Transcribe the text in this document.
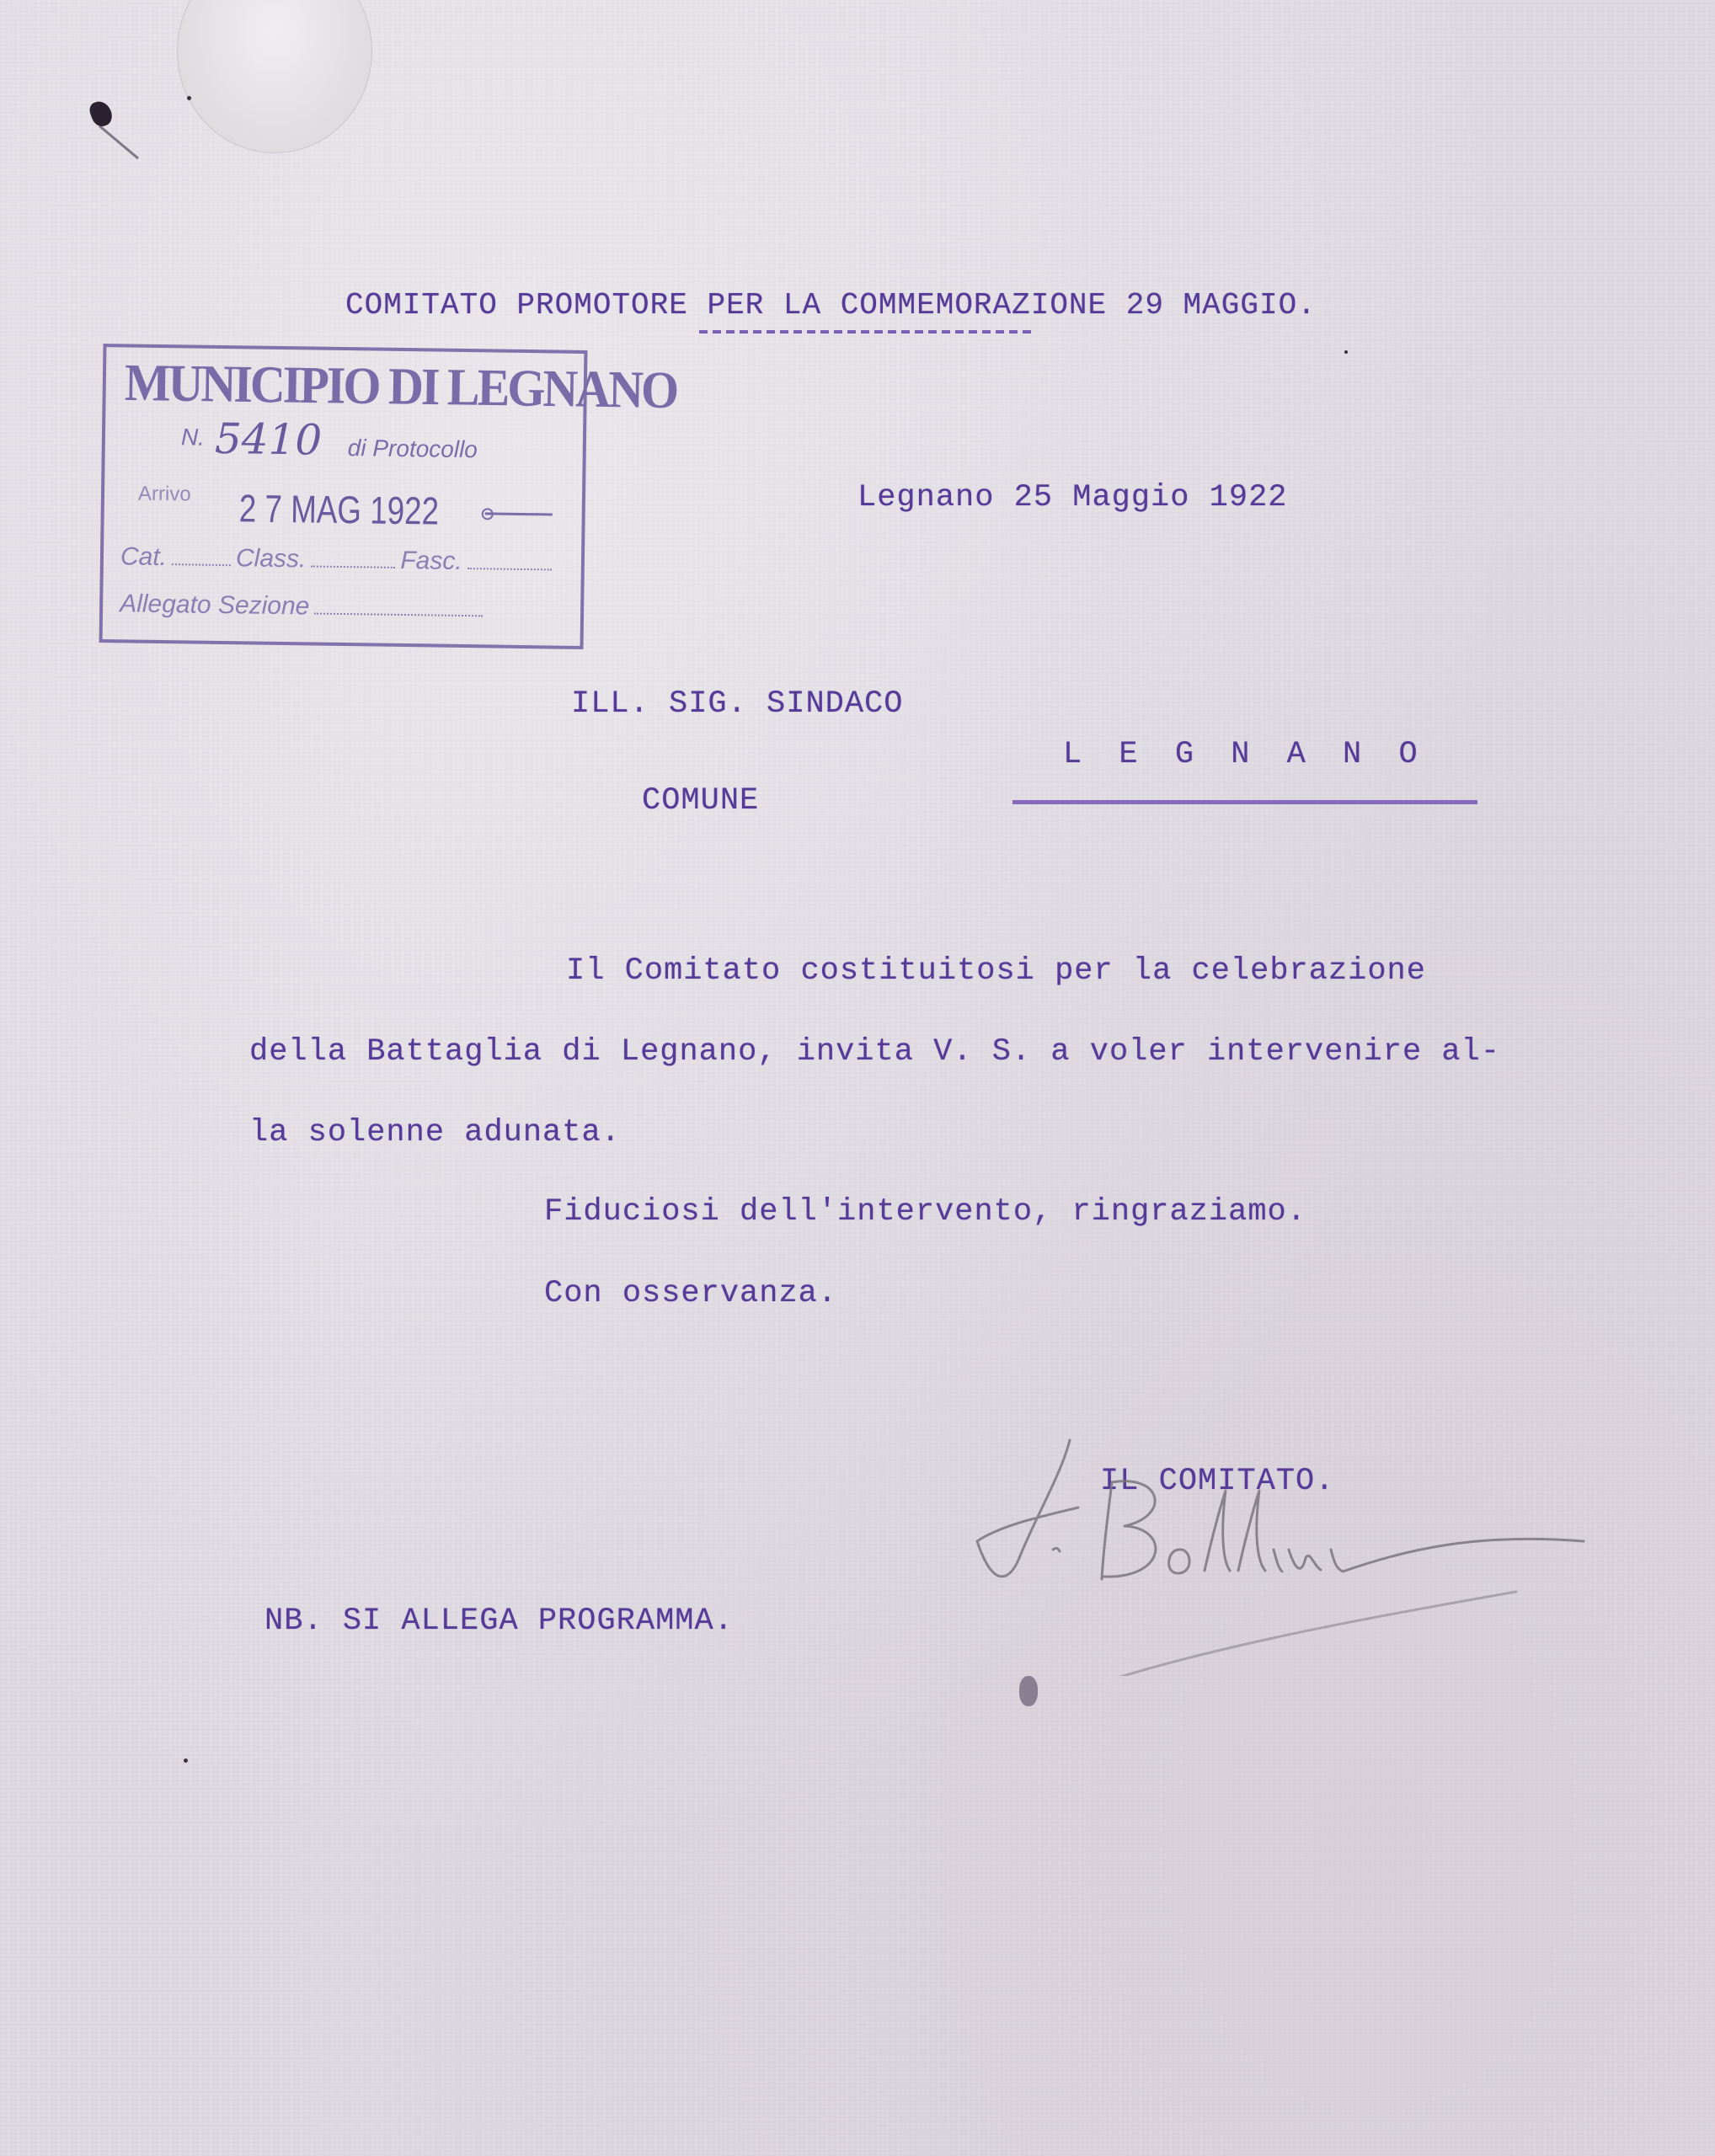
COMITATO PROMOTORE PER LA COMMEMORAZIONE 29 MAGGIO.
MUNICIPIO DI LEGNANO
N. 5410 di Protocollo
Arrivo 2 7 MAG 1922
Cat.	Class.	Fasc.
Allegato Sezione
Legnano 25 Maggio 1922
ILL. SIG. SINDACO
L E G N A N O
COMUNE
Il Comitato costituitosi per la celebrazione
della Battaglia di Legnano, invita V. S. a voler intervenire al-
la solenne adunata.
Fiduciosi dell'intervento, ringraziamo.
Con osservanza.
IL COMITATO.
f. Bollini
NB. SI ALLEGA PROGRAMMA.
